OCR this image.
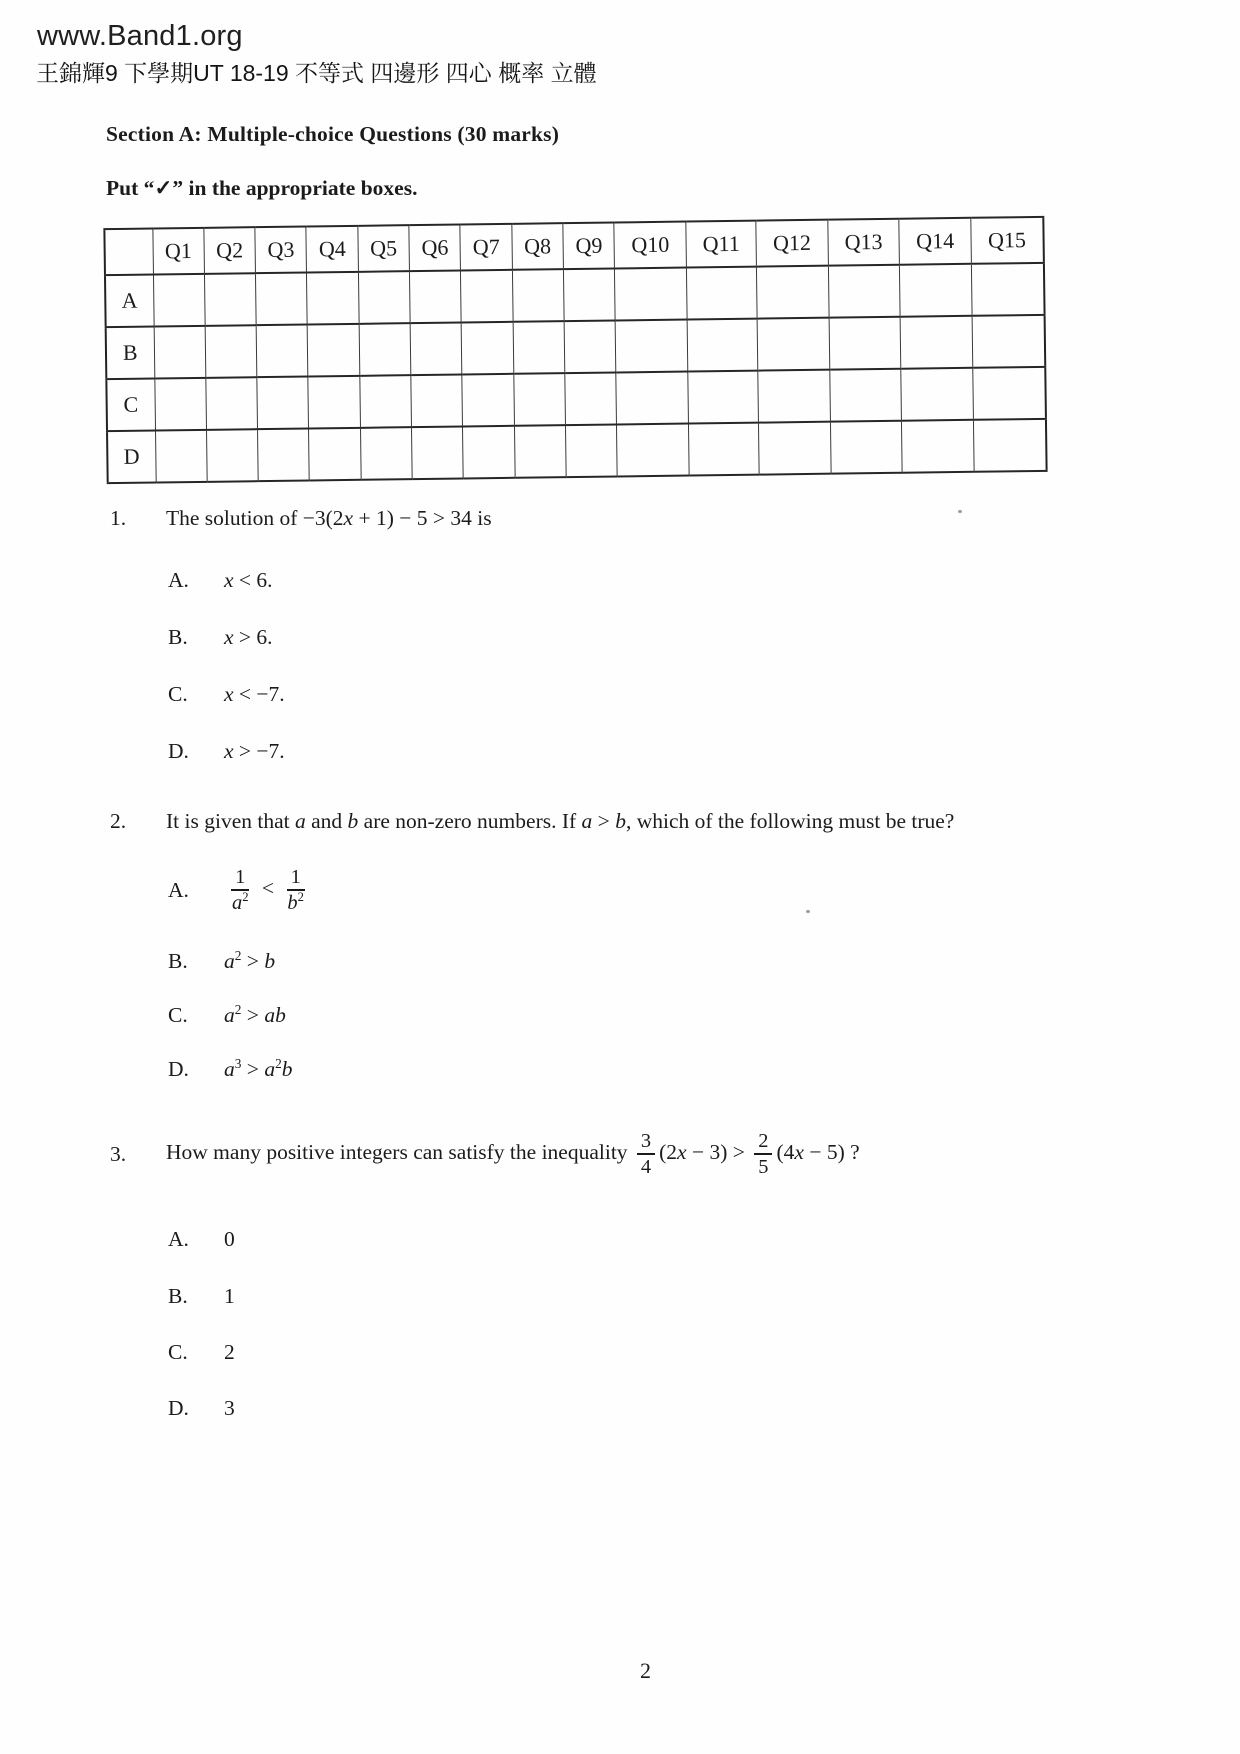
www.Band1.org
王錦輝9 下學期UT 18-19 不等式 四邊形 四心 概率 立體
Section A: Multiple-choice Questions (30 marks)
Put “✓” in the appropriate boxes.
	Q1	Q2	Q3	Q4	Q5	Q6	Q7	Q8	Q9	Q10	Q11	Q12	Q13	Q14	Q15
A															
B															
C															
D															
1.	The solution of −3(2x + 1) − 5 > 34 is
A.	x < 6.
B.	x > 6.
C.	x < −7.
D.	x > −7.
2.	It is given that a and b are non-zero numbers. If a > b, which of the following must be true?
A.	$\frac{1}{a^2} < \frac{1}{b^2}$
B.	$a^2 > b$
C.	$a^2$ > ab
D.	$a^3 > a^2b$
3.	How many positive integers can satisfy the inequality $\frac{3}{4} (2x - 3) > \frac{2}{5} (4x - 5)$ ?
A.	0
B.	1
C.	2
D.	3
2
